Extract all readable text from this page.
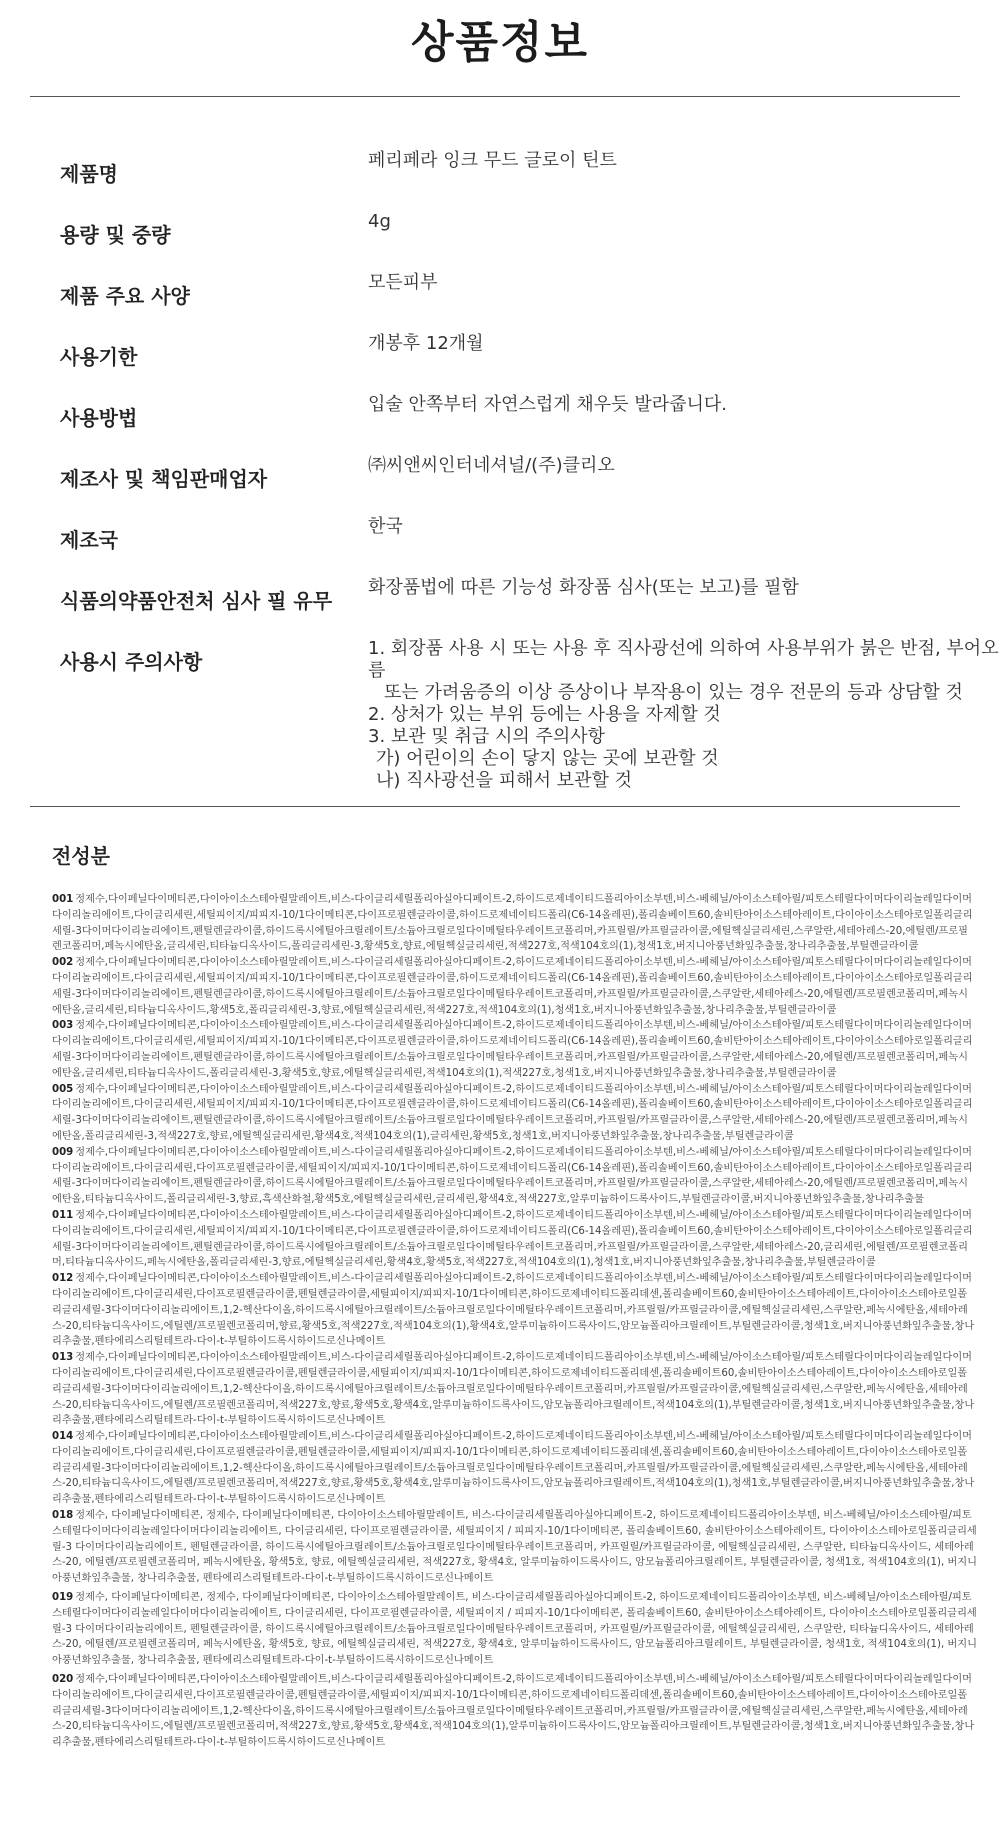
상품정보
제품명
페리페라 잉크 무드 글로이 틴트
용량 및 중량
4g
제품 주요 사양
모든피부
사용기한
개봉후 12개월
사용방법
입술 안쪽부터 자연스럽게 채우듯 발라줍니다.
제조사 및 책임판매업자
㈜씨앤씨인터네셔널/(주)클리오
제조국
한국
식품의약품안전처 심사 필 유무
화장품법에 따른 기능성 화장품 심사(또는 보고)를 필함
사용시 주의사항
1. 회장품 사용 시 또는 사용 후 직사광선에 의하여 사용부위가 붉은 반점, 부어오름
또는 가려움증의 이상 증상이나 부작용이 있는 경우 전문의 등과 상담할 것
2. 상처가 있는 부위 등에는 사용을 자제할 것
3. 보관 및 취급 시의 주의사항
가) 어린이의 손이 닿지 않는 곳에 보관할 것
나) 직사광선을 피해서 보관할 것
전성분

001 정제수,다이페닐다이메티콘,다이아이소스테아릴말레이트,비스-다이글리세릴폴리아실아디페이트-2,하이드로제네이티드폴리아이소부텐,비스-베헤닐/아이소스테아릴/피토스테릴다이머다이리놀레일다이머다이리놀리에이트,다이글리세린,세틸피이지/피피지-10/1다이메티콘,다이프로필렌글라이콜,하이드로제네이티드폴리(C6-14올레핀),폴리솔베이트60,솔비탄아이소스테아레이트,다이아이소스테아로일폴리글리세릴-3다이머다이리놀리에이트,펜틸렌글라이콜,하이드록시에틸아크릴레이트/소듐아크릴로일다이메틸타우레이트코폴리머,카프릴릴/카프릴글라이콜,에틸헥실글리세린,스쿠알란,세테아레스-20,에틸렌/프로필렌코폴리머,페녹시에탄올,글리세린,티타늄디옥사이드,폴리글리세린-3,황색5호,향료,에틸헥실글리세린,적색227호,적색104호의(1),청색1호,버지니아풍년화잎추출물,창나리추출물,부틸렌글라이콜

002 정제수,다이페닐다이메티콘,다이아이소스테아릴말레이트,비스-다이글리세릴폴리아실아디페이트-2,하이드로제네이티드폴리아이소부텐,비스-베헤닐/아이소스테아릴/피토스테릴다이머다이리놀레일다이머다이리놀리에이트,다이글리세린,세틸피이지/피피지-10/1다이메티콘,다이프로필렌글라이콜,하이드로제네이티드폴리(C6-14올레핀),폴리솔베이트60,솔비탄아이소스테아레이트,다이아이소스테아로일폴리글리세릴-3다이머다이리놀리에이트,펜틸렌글라이콜,하이드록시에틸아크릴레이트/소듐아크릴로일다이메틸타우레이트코폴리머,카프릴릴/카프릴글라이콜,스쿠알란,세테아레스-20,에틸렌/프로필렌코폴리머,페녹시에탄올,글리세린,티타늄디옥사이드,황색5호,폴리글리세린-3,향료,에틸헥실글리세린,적색227호,적색104호의(1),청색1호,버지니아풍년화잎추출물,창나리추출물,부틸렌글라이콜

003 정제수,다이페닐다이메티콘,다이아이소스테아릴말레이트,비스-다이글리세릴폴리아실아디페이트-2,하이드로제네이티드폴리아이소부텐,비스-베헤닐/아이소스테아릴/피토스테릴다이머다이리놀레일다이머다이리놀리에이트,다이글리세린,세틸피이지/피피지-10/1다이메티콘,다이프로필렌글라이콜,하이드로제네이티드폴리(C6-14올레핀),폴리솔베이트60,솔비탄아이소스테아레이트,다이아이소스테아로일폴리글리세릴-3다이머다이리놀리에이트,펜틸렌글라이콜,하이드록시에틸아크릴레이트/소듐아크릴로일다이메틸타우레이트코폴리머,카프릴릴/카프릴글라이콜,스쿠알란,세테아레스-20,에틸렌/프로필렌코폴리머,페녹시에탄올,글리세린,티타늄디옥사이드,폴리글리세린-3,황색5호,향료,에틸헥실글리세린,적색104호의(1),적색227호,청색1호,버지니아풍년화잎추출물,창나리추출물,부틸렌글라이콜

005 정제수,다이페닐다이메티콘,다이아이소스테아릴말레이트,비스-다이글리세릴폴리아실아디페이트-2,하이드로제네이티드폴리아이소부텐,비스-베헤닐/아이소스테아릴/피토스테릴다이머다이리놀레일다이머다이리놀리에이트,다이글리세린,세틸피이지/피피지-10/1다이메티콘,다이프로필렌글라이콜,하이드로제네이티드폴리(C6-14올레핀),폴리솔베이트60,솔비탄아이소스테아레이트,다이아이소스테아로일폴리글리세릴-3다이머다이리놀리에이트,펜틸렌글라이콜,하이드록시에틸아크릴레이트/소듐아크릴로일다이메틸타우레이트코폴리머,카프릴릴/카프릴글라이콜,스쿠알란,세테아레스-20,에틸렌/프로필렌코폴리머,페녹시에탄올,폴리글리세린-3,적색227호,향료,에틸헥실글리세린,황색4호,적색104호의(1),글리세린,황색5호,청색1호,버지니아풍년화잎추출물,창나리추출물,부틸렌글라이콜

009 정제수,다이페닐다이메티콘,다이아이소스테아릴말레이트,비스-다이글리세릴폴리아실아디페이트-2,하이드로제네이티드폴리아이소부텐,비스-베헤닐/아이소스테아릴/피토스테릴다이머다이리놀레일다이머다이리놀리에이트,다이글리세린,다이프로필렌글라이콜,세틸피이지/피피지-10/1다이메티콘,하이드로제네이티드폴리(C6-14올레핀),폴리솔베이트60,솔비탄아이소스테아레이트,다이아이소스테아로일폴리글리세릴-3다이머다이리놀리에이트,펜틸렌글라이콜,하이드록시에틸아크릴레이트/소듐아크릴로일다이메틸타우레이트코폴리머,카프릴릴/카프릴글라이콜,스쿠알란,세테아레스-20,에틸렌/프로필렌코폴리머,페녹시에탄올,티타늄디옥사이드,폴리글리세린-3,향료,흑색산화철,황색5호,에틸헥실글리세린,글리세린,황색4호,적색227호,알루미늄하이드록사이드,부틸렌글라이콜,버지니아풍년화잎추출물,창나리추출물

011 정제수,다이페닐다이메티콘,다이아이소스테아릴말레이트,비스-다이글리세릴폴리아실아디페이트-2,하이드로제네이티드폴리아이소부텐,비스-베헤닐/아이소스테아릴/피토스테릴다이머다이리놀레일다이머다이리놀리에이트,다이글리세린,세틸피이지/피피지-10/1다이메티콘,다이프로필렌글라이콜,하이드로제네이티드폴리(C6-14올레핀),폴리솔베이트60,솔비탄아이소스테아레이트,다이아이소스테아로일폴리글리세릴-3다이머다이리놀리에이트,펜틸렌글라이콜,하이드록시에틸아크릴레이트/소듐아크릴로일다이메틸타우레이트코폴리머,카프릴릴/카프릴글라이콜,스쿠알란,세테아레스-20,글리세린,에틸렌/프로필렌코폴리머,티타늄디옥사이드,페녹시에탄올,폴리글리세린-3,향료,에틸헥실글리세린,황색4호,황색5호,적색227호,적색104호의(1),청색1호,버지니아풍년화잎추출물,창나리추출물,부틸렌글라이콜

012 정제수,다이페닐다이메티콘,다이아이소스테아릴말레이트,비스-다이글리세릴폴리아실아디페이트-2,하이드로제네이티드폴리아이소부텐,비스-베헤닐/아이소스테아릴/피토스테릴다이머다이리놀레일다이머다이리놀리에이트,다이글리세린,다이프로필렌글라이콜,펜틸렌글라이콜,세틸피이지/피피지-10/1다이메티콘,하이드로제네이티드폴리데센,폴리솔베이트60,솔비탄아이소스테아레이트,다이아이소스테아로일폴리글리세릴-3다이머다이리놀리에이트,1,2-헥산다이올,하이드록시에틸아크릴레이트/소듐아크릴로일다이메틸타우레이트코폴리머,카프릴릴/카프릴글라이콜,에틸헥실글리세린,스쿠알란,페녹시에탄올,세테아레스-20,티타늄디옥사이드,에틸렌/프로필렌코폴리머,향료,황색5호,적색227호,적색104호의(1),황색4호,알루미늄하이드록사이드,암모늄폴리아크릴레이트,부틸렌글라이콜,청색1호,버지니아풍년화잎추출물,창나리추출물,펜타에리스리틸테트라-다이-t-부틸하이드록시하이드로신나메이트

013 정제수,다이페닐다이메티콘,다이아이소스테아릴말레이트,비스-다이글리세릴폴리아실아디페이트-2,하이드로제네이티드폴리아이소부텐,비스-베헤닐/아이소스테아릴/피토스테릴다이머다이리놀레일다이머다이리놀리에이트,다이글리세린,다이프로필렌글라이콜,펜틸렌글라이콜,세틸피이지/피피지-10/1다이메티콘,하이드로제네이티드폴리데센,폴리솔베이트60,솔비탄아이소스테아레이트,다이아이소스테아로일폴리글리세릴-3다이머다이리놀리에이트,1,2-헥산다이올,하이드록시에틸아크릴레이트/소듐아크릴로일다이메틸타우레이트코폴리머,카프릴릴/카프릴글라이콜,에틸헥실글리세린,스쿠알란,페녹시에탄올,세테아레스-20,티타늄디옥사이드,에틸렌/프로필렌코폴리머,적색227호,향료,황색5호,황색4호,알루미늄하이드록사이드,암모늄폴리아크릴레이트,적색104호의(1),부틸렌글라이콜,청색1호,버지니아풍년화잎추출물,창나리추출물,펜타에리스리틸테트라-다이-t-부틸하이드록시하이드로신나메이트

014 정제수,다이페닐다이메티콘,다이아이소스테아릴말레이트,비스-다이글리세릴폴리아실아디페이트-2,하이드로제네이티드폴리아이소부텐,비스-베헤닐/아이소스테아릴/피토스테릴다이머다이리놀레일다이머다이리놀리에이트,다이글리세린,다이프로필렌글라이콜,펜틸렌글라이콜,세틸피이지/피피지-10/1다이메티콘,하이드로제네이티드폴리데센,폴리솔베이트60,솔비탄아이소스테아레이트,다이아이소스테아로일폴리글리세릴-3다이머다이리놀리에이트,1,2-헥산다이올,하이드록시에틸아크릴레이트/소듐아크릴로일다이메틸타우레이트코폴리머,카프릴릴/카프릴글라이콜,에틸헥실글리세린,스쿠알란,페녹시에탄올,세테아레스-20,티타늄디옥사이드,에틸렌/프로필렌코폴리머,적색227호,향료,황색5호,황색4호,알루미늄하이드록사이드,암모늄폴리아크릴레이트,적색104호의(1),청색1호,부틸렌글라이콜,버지니아풍년화잎추출물,창나리추출물,펜타에리스리틸테트라-다이-t-부틸하이드록시하이드로신나메이트

018 정제수, 다이페닐다이메티콘, 정제수, 다이페닐다이메티콘, 다이아이소스테아릴말레이트, 비스-다이글리세릴폴리아실아디페이트-2, 하이드로제네이티드폴리아이소부텐, 비스-베헤닐/아이소스테아릴/피토스테릴다이머다이리놀레일다이머다이리놀리에이트, 다이글리세린, 다이프로필렌글라이콜, 세틸피이지 / 피피지-10/1다이메티콘, 폴리솔베이트60, 솔비탄아이소스테아레이트, 다이아이소스테아로일폴리글리세릴-3 다이머다이리놀리에이트, 펜틸렌글라이콜, 하이드록시에틸아크릴레이트/소듐아크릴로일다이메틸타우레이트코폴리머, 카프릴릴/카프릴글라이콜, 에틸헥실글리세린, 스쿠알란, 티타늄디옥사이드, 세테아레스-20, 에틸렌/프로필렌코폴리머, 페녹시에탄올, 황색5호, 향료, 에틸헥실글리세린, 적색227호, 황색4호, 알루미늄하이드록사이드, 암모늄폴리아크릴레이트, 부틸렌글라이콜, 청색1호, 적색104호의(1), 버지니아풍년화잎추출물, 창나리추출물, 펜타에리스리틸테트라-다이-t-부틸하이드록시하이드로신나메이트

019 정제수, 다이페닐다이메티콘, 정제수, 다이페닐다이메티콘, 다이아이소스테아릴말레이트, 비스-다이글리세릴폴리아실아디페이트-2, 하이드로제네이티드폴리아이소부텐, 비스-베헤닐/아이소스테아릴/피토스테릴다이머다이리놀레일다이머다이리놀리에이트, 다이글리세린, 다이프로필렌글라이콜, 세틸피이지 / 피피지-10/1다이메티콘, 폴리솔베이트60, 솔비탄아이소스테아레이트, 다이아이소스테아로일폴리글리세릴-3 다이머다이리놀리에이트, 펜틸렌글라이콜, 하이드록시에틸아크릴레이트/소듐아크릴로일다이메틸타우레이트코폴리머, 카프릴릴/카프릴글라이콜, 에틸헥실글리세린, 스쿠알란, 티타늄디옥사이드, 세테아레스-20, 에틸렌/프로필렌코폴리머, 페녹시에탄올, 황색5호, 향료, 에틸헥실글리세린, 적색227호, 황색4호, 알루미늄하이드록사이드, 암모늄폴리아크릴레이트, 부틸렌글라이콜, 청색1호, 적색104호의(1), 버지니아풍년화잎추출물, 창나리추출물, 펜타에리스리틸테트라-다이-t-부틸하이드록시하이드로신나메이트

020 정제수,다이페닐다이메티콘,다이아이소스테아릴말레이트,비스-다이글리세릴폴리아실아디페이트-2,하이드로제네이티드폴리아이소부텐,비스-베헤닐/아이소스테아릴/피토스테릴다이머다이리놀레일다이머다이리놀리에이트,다이글리세린,다이프로필렌글라이콜,펜틸렌글라이콜,세틸피이지/피피지-10/1다이메티콘,하이드로제네이티드폴리데센,폴리솔베이트60,솔비탄아이소스테아레이트,다이아이소스테아로일폴리글리세릴-3다이머다이리놀리에이트,1,2-헥산다이올,하이드록시에틸아크릴레이트/소듐아크릴로일다이메틸타우레이트코폴리머,카프릴릴/카프릴글라이콜,에틸헥실글리세린,스쿠알란,페녹시에탄올,세테아레스-20,티타늄디옥사이드,에틸렌/프로필렌코폴리머,적색227호,향료,황색5호,황색4호,적색104호의(1),알루미늄하이드록사이드,암모늄폴리아크릴레이트,부틸렌글라이콜,청색1호,버지니아풍년화잎추출물,창나리추출물,펜타에리스리틸테트라-다이-t-부틸하이드록시하이드로신나메이트
